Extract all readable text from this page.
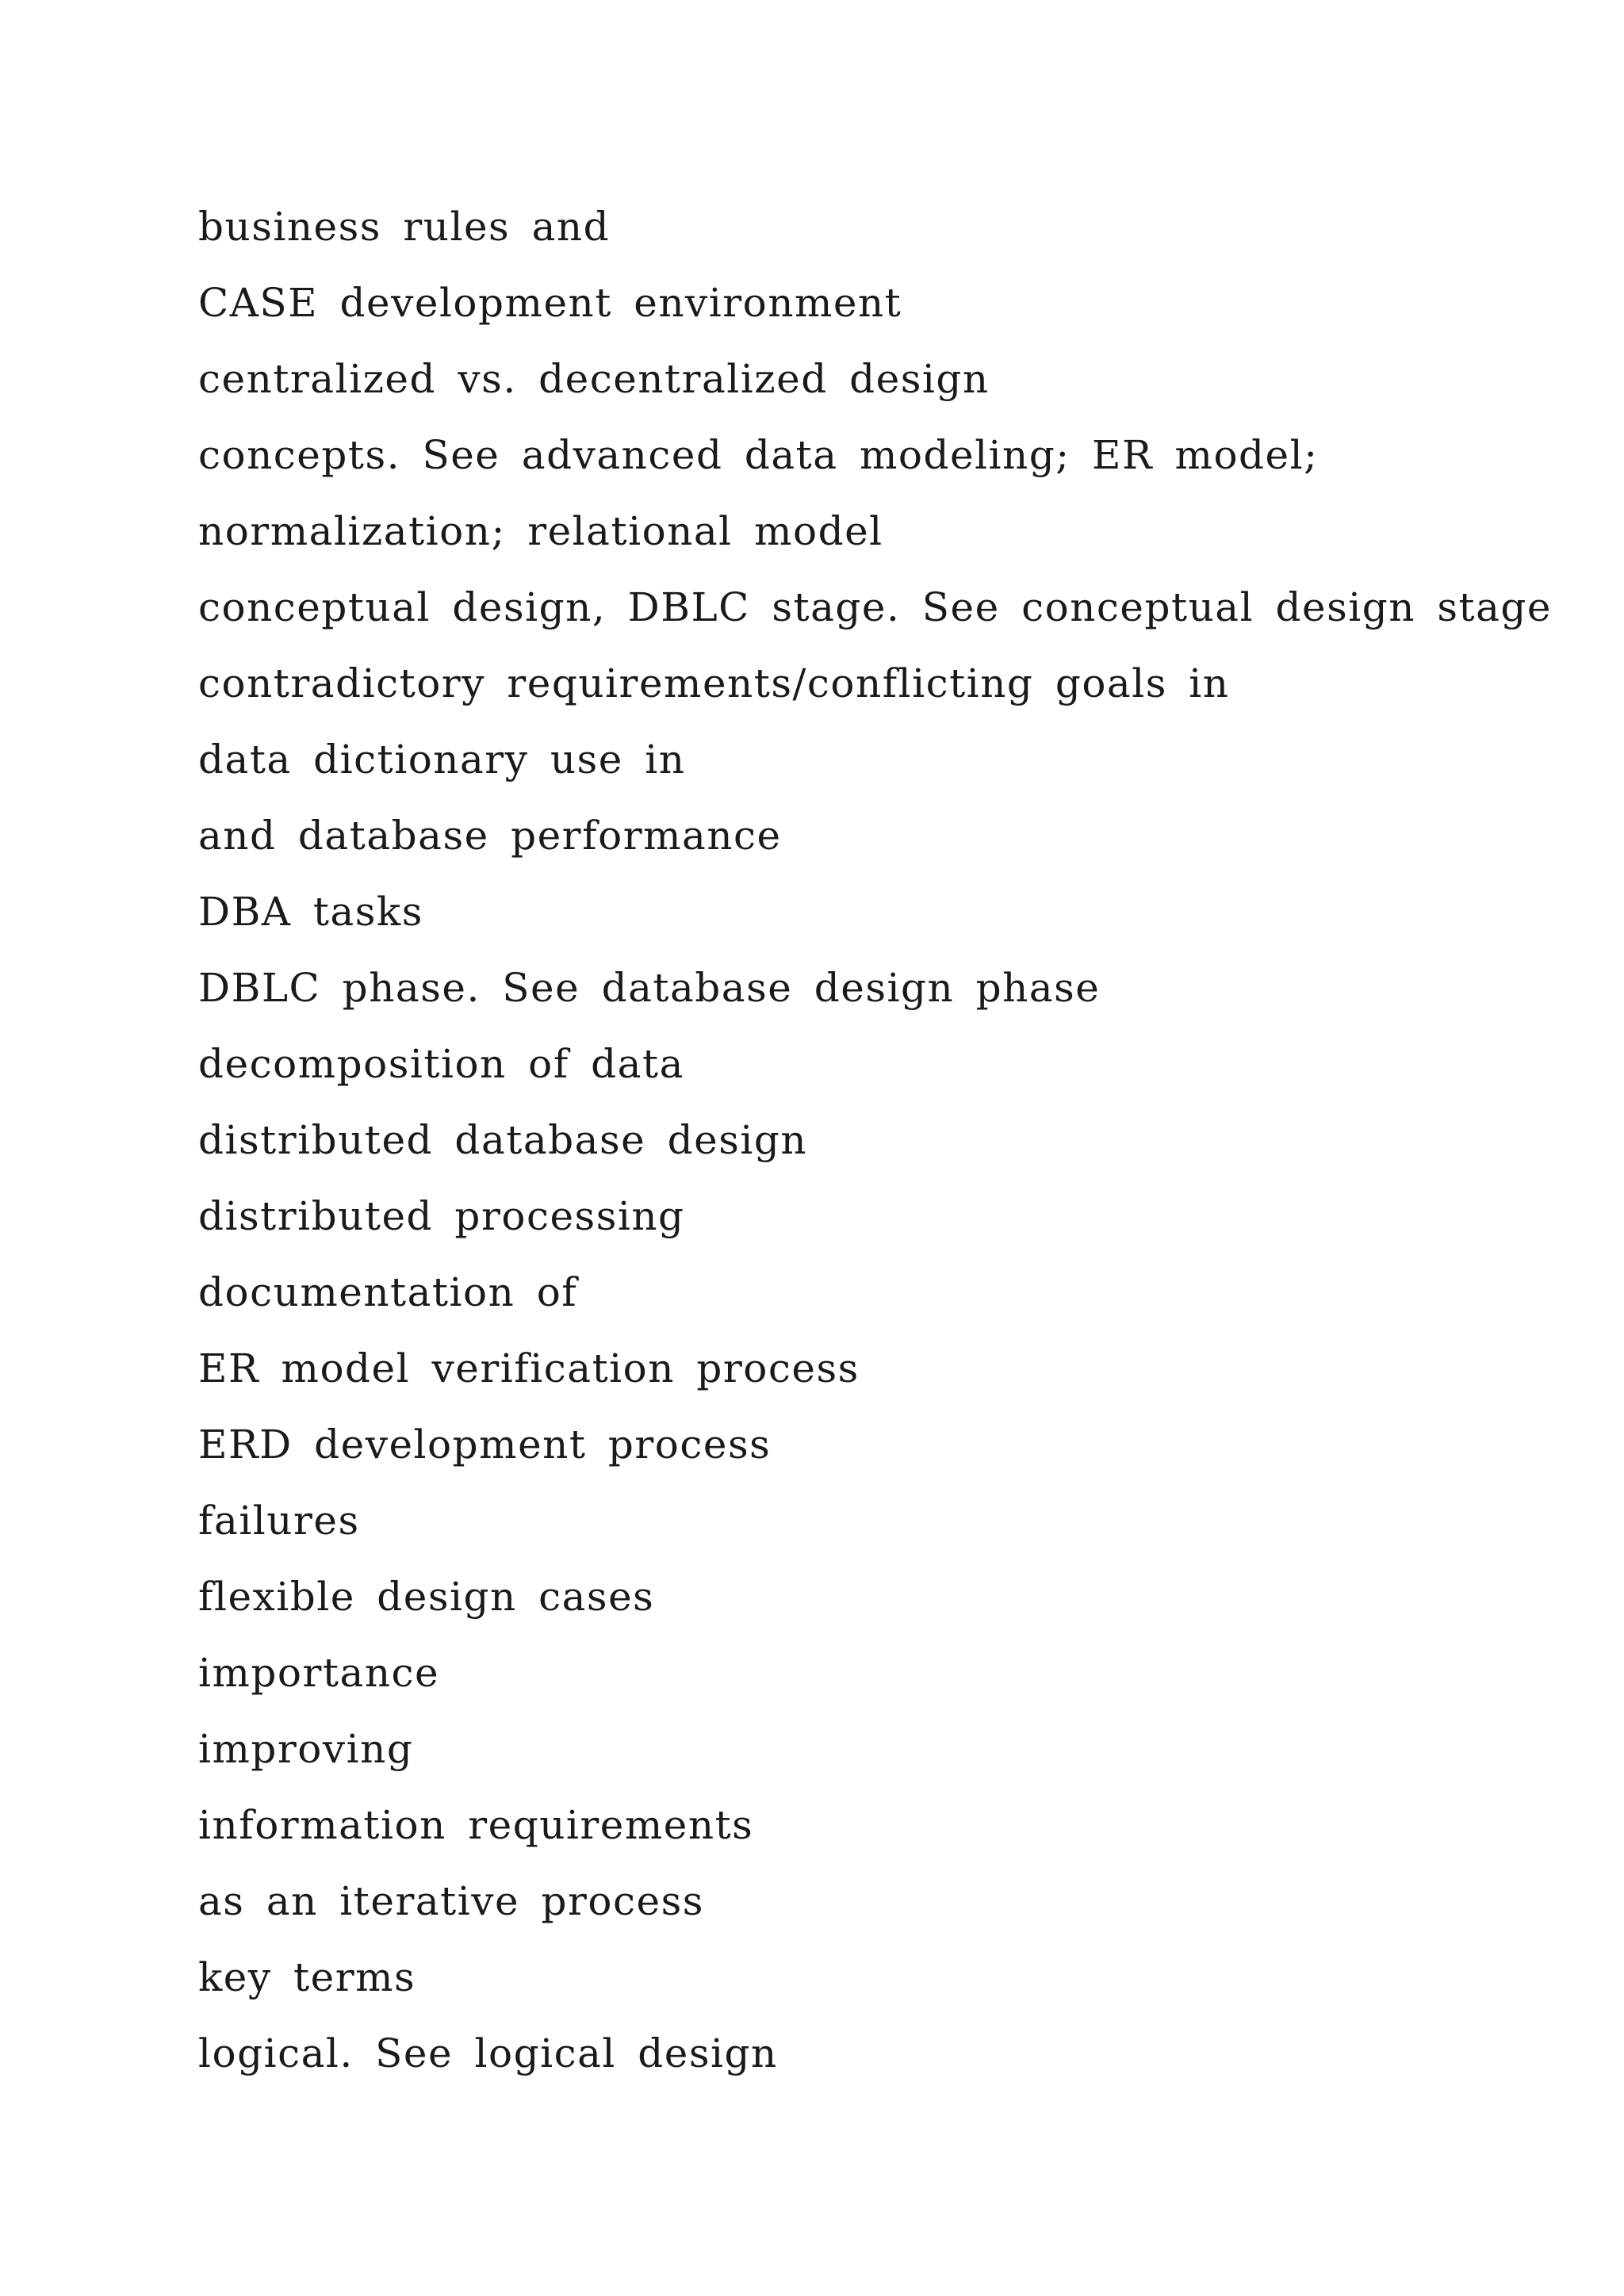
business rules and
CASE development environment
centralized vs. decentralized design
concepts. See advanced data modeling; ER model;
normalization; relational model
conceptual design, DBLC stage. See conceptual design stage
contradictory requirements/conflicting goals in
data dictionary use in
and database performance
DBA tasks
DBLC phase. See database design phase
decomposition of data
distributed database design
distributed processing
documentation of
ER model verification process
ERD development process
failures
flexible design cases
importance
improving
information requirements
as an iterative process
key terms
logical. See logical design
